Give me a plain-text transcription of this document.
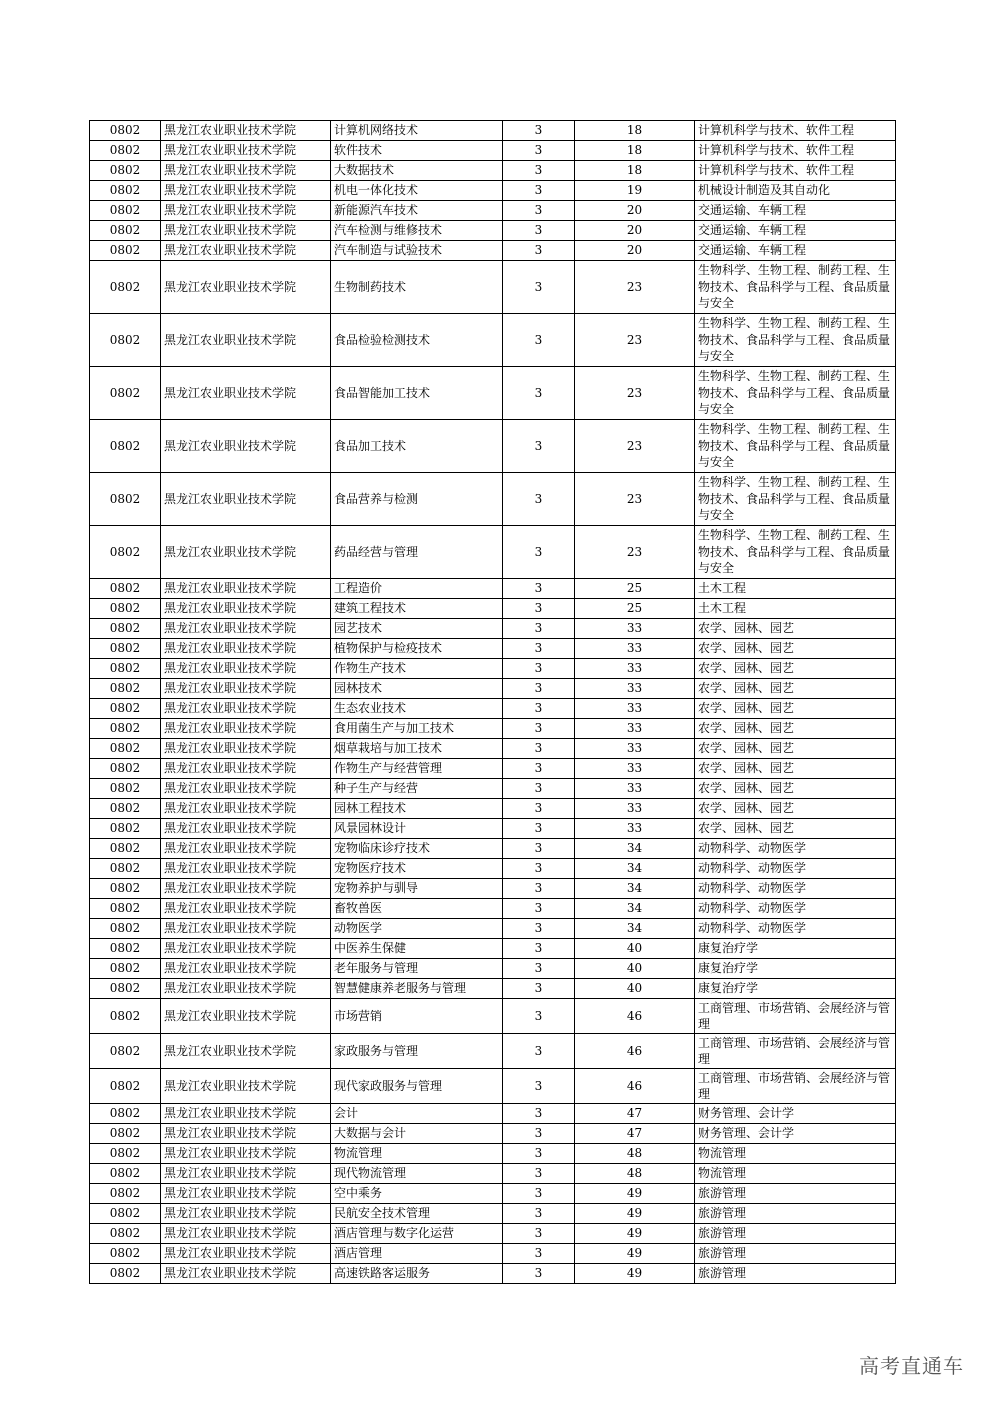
0802	黑龙江农业职业技术学院	计算机网络技术	3	18	计算机科学与技术、软件工程
0802	黑龙江农业职业技术学院	软件技术	3	18	计算机科学与技术、软件工程
0802	黑龙江农业职业技术学院	大数据技术	3	18	计算机科学与技术、软件工程
0802	黑龙江农业职业技术学院	机电一体化技术	3	19	机械设计制造及其自动化
0802	黑龙江农业职业技术学院	新能源汽车技术	3	20	交通运输、车辆工程
0802	黑龙江农业职业技术学院	汽车检测与维修技术	3	20	交通运输、车辆工程
0802	黑龙江农业职业技术学院	汽车制造与试验技术	3	20	交通运输、车辆工程
0802	黑龙江农业职业技术学院	生物制药技术	3	23	生物科学、生物工程、制药工程、生物技术、食品科学与工程、食品质量与安全
0802	黑龙江农业职业技术学院	食品检验检测技术	3	23	生物科学、生物工程、制药工程、生物技术、食品科学与工程、食品质量与安全
0802	黑龙江农业职业技术学院	食品智能加工技术	3	23	生物科学、生物工程、制药工程、生物技术、食品科学与工程、食品质量与安全
0802	黑龙江农业职业技术学院	食品加工技术	3	23	生物科学、生物工程、制药工程、生物技术、食品科学与工程、食品质量与安全
0802	黑龙江农业职业技术学院	食品营养与检测	3	23	生物科学、生物工程、制药工程、生物技术、食品科学与工程、食品质量与安全
0802	黑龙江农业职业技术学院	药品经营与管理	3	23	生物科学、生物工程、制药工程、生物技术、食品科学与工程、食品质量与安全
0802	黑龙江农业职业技术学院	工程造价	3	25	土木工程
0802	黑龙江农业职业技术学院	建筑工程技术	3	25	土木工程
0802	黑龙江农业职业技术学院	园艺技术	3	33	农学、园林、园艺
0802	黑龙江农业职业技术学院	植物保护与检疫技术	3	33	农学、园林、园艺
0802	黑龙江农业职业技术学院	作物生产技术	3	33	农学、园林、园艺
0802	黑龙江农业职业技术学院	园林技术	3	33	农学、园林、园艺
0802	黑龙江农业职业技术学院	生态农业技术	3	33	农学、园林、园艺
0802	黑龙江农业职业技术学院	食用菌生产与加工技术	3	33	农学、园林、园艺
0802	黑龙江农业职业技术学院	烟草栽培与加工技术	3	33	农学、园林、园艺
0802	黑龙江农业职业技术学院	作物生产与经营管理	3	33	农学、园林、园艺
0802	黑龙江农业职业技术学院	种子生产与经营	3	33	农学、园林、园艺
0802	黑龙江农业职业技术学院	园林工程技术	3	33	农学、园林、园艺
0802	黑龙江农业职业技术学院	风景园林设计	3	33	农学、园林、园艺
0802	黑龙江农业职业技术学院	宠物临床诊疗技术	3	34	动物科学、动物医学
0802	黑龙江农业职业技术学院	宠物医疗技术	3	34	动物科学、动物医学
0802	黑龙江农业职业技术学院	宠物养护与驯导	3	34	动物科学、动物医学
0802	黑龙江农业职业技术学院	畜牧兽医	3	34	动物科学、动物医学
0802	黑龙江农业职业技术学院	动物医学	3	34	动物科学、动物医学
0802	黑龙江农业职业技术学院	中医养生保健	3	40	康复治疗学
0802	黑龙江农业职业技术学院	老年服务与管理	3	40	康复治疗学
0802	黑龙江农业职业技术学院	智慧健康养老服务与管理	3	40	康复治疗学
0802	黑龙江农业职业技术学院	市场营销	3	46	工商管理、市场营销、会展经济与管理
0802	黑龙江农业职业技术学院	家政服务与管理	3	46	工商管理、市场营销、会展经济与管理
0802	黑龙江农业职业技术学院	现代家政服务与管理	3	46	工商管理、市场营销、会展经济与管理
0802	黑龙江农业职业技术学院	会计	3	47	财务管理、会计学
0802	黑龙江农业职业技术学院	大数据与会计	3	47	财务管理、会计学
0802	黑龙江农业职业技术学院	物流管理	3	48	物流管理
0802	黑龙江农业职业技术学院	现代物流管理	3	48	物流管理
0802	黑龙江农业职业技术学院	空中乘务	3	49	旅游管理
0802	黑龙江农业职业技术学院	民航安全技术管理	3	49	旅游管理
0802	黑龙江农业职业技术学院	酒店管理与数字化运营	3	49	旅游管理
0802	黑龙江农业职业技术学院	酒店管理	3	49	旅游管理
0802	黑龙江农业职业技术学院	高速铁路客运服务	3	49	旅游管理
高考直通车
